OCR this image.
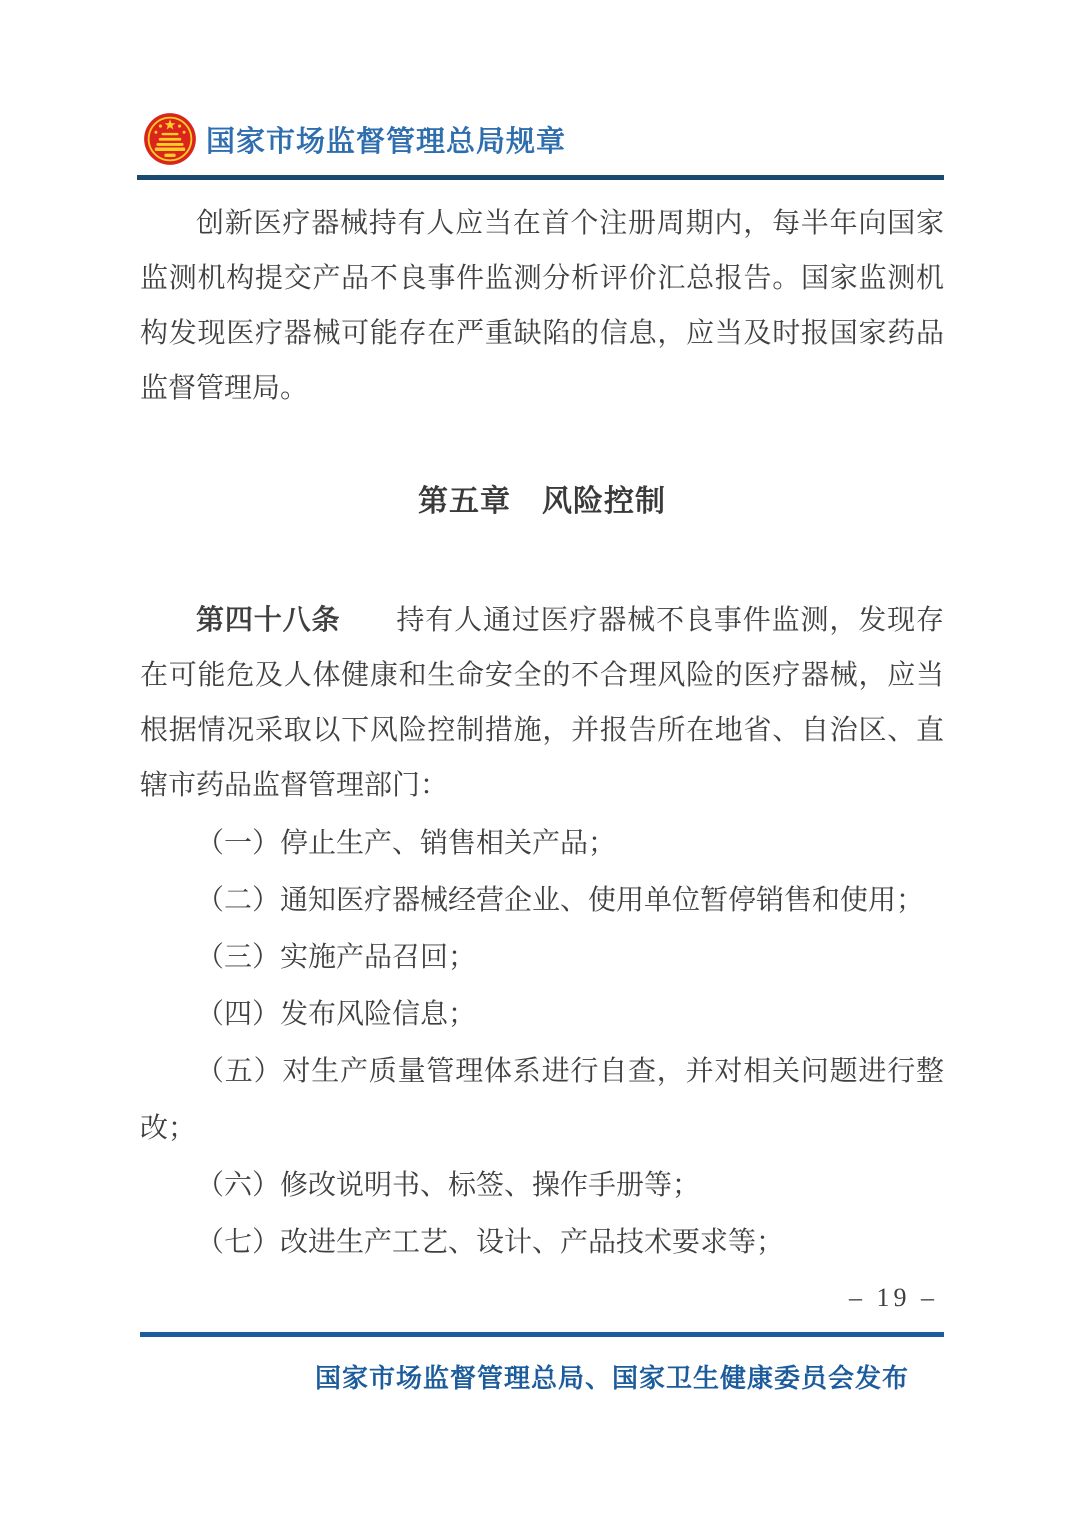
国家市场监督管理总局规章

创新医疗器械持有人应当在首个注册周期内，每半年向国家监测机构提交产品不良事件监测分析评价汇总报告。国家监测机构发现医疗器械可能存在严重缺陷的信息，应当及时报国家药品监督管理局。

第五章　风险控制

第四十八条 持有人通过医疗器械不良事件监测，发现存在可能危及人体健康和生命安全的不合理风险的医疗器械，应当根据情况采取以下风险控制措施，并报告所在地省、自治区、直辖市药品监督管理部门：

（一）停止生产、销售相关产品；

（二）通知医疗器械经营企业、使用单位暂停销售和使用；

（三）实施产品召回；

（四）发布风险信息；

（五）对生产质量管理体系进行自查，并对相关问题进行整改；

（六）修改说明书、标签、操作手册等；

（七）改进生产工艺、设计、产品技术要求等；

– 19 –
国家市场监督管理总局、国家卫生健康委员会发布
